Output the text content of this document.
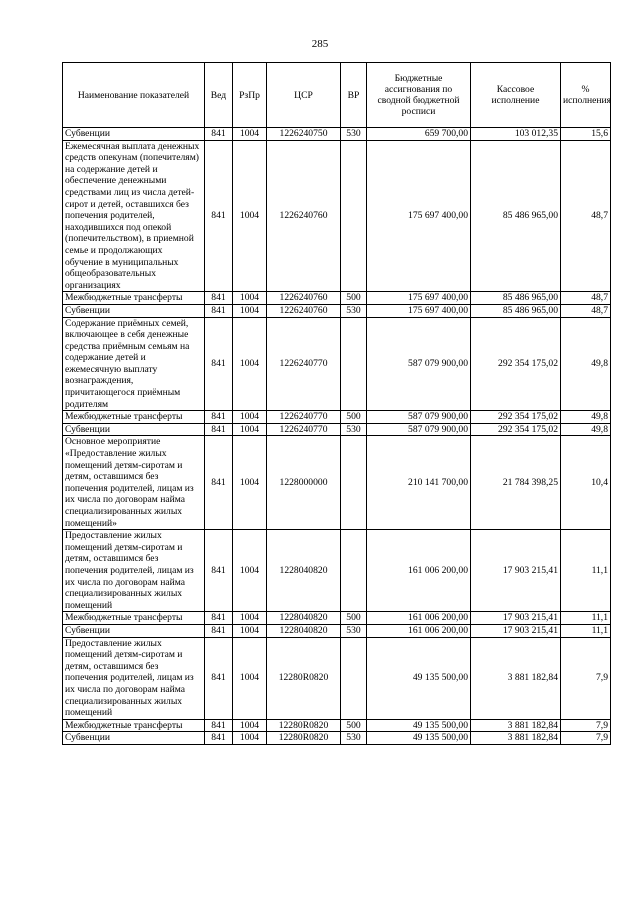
285
Наименование показателей	Вед	РзПр	ЦСР	ВР	Бюджетные ассигнования по сводной бюджетной росписи	Кассовое исполнение	% исполнения
Субвенции	841	1004	1226240750	530	659 700,00	103 012,35	15,6
Ежемесячная выплата денежных средств опекунам (попечителям) на содержание детей и обеспечение денежными средствами лиц из числа детей-сирот и детей, оставшихся без попечения родителей, находившихся под опекой (попечительством), в приемной семье и продолжающих обучение в муниципальных общеобразовательных организациях	841	1004	1226240760		175 697 400,00	85 486 965,00	48,7
Межбюджетные трансферты	841	1004	1226240760	500	175 697 400,00	85 486 965,00	48,7
Субвенции	841	1004	1226240760	530	175 697 400,00	85 486 965,00	48,7
Содержание приёмных семей, включающее в себя денежные средства приёмным семьям на содержание детей и ежемесячную выплату вознаграждения, причитающегося приёмным родителям	841	1004	1226240770		587 079 900,00	292 354 175,02	49,8
Межбюджетные трансферты	841	1004	1226240770	500	587 079 900,00	292 354 175,02	49,8
Субвенции	841	1004	1226240770	530	587 079 900,00	292 354 175,02	49,8
Основное мероприятие «Предоставление жилых помещений детям-сиротам и детям, оставшимся без попечения родителей, лицам из их числа по договорам найма специализированных жилых помещений»	841	1004	1228000000		210 141 700,00	21 784 398,25	10,4
Предоставление жилых помещений детям-сиротам и детям, оставшимся без попечения родителей, лицам из их числа по договорам найма специализированных жилых помещений	841	1004	1228040820		161 006 200,00	17 903 215,41	11,1
Межбюджетные трансферты	841	1004	1228040820	500	161 006 200,00	17 903 215,41	11,1
Субвенции	841	1004	1228040820	530	161 006 200,00	17 903 215,41	11,1
Предоставление жилых помещений детям-сиротам и детям, оставшимся без попечения родителей, лицам из их числа по договорам найма специализированных жилых помещений	841	1004	12280R0820		49 135 500,00	3 881 182,84	7,9
Межбюджетные трансферты	841	1004	12280R0820	500	49 135 500,00	3 881 182,84	7,9
Субвенции	841	1004	12280R0820	530	49 135 500,00	3 881 182,84	7,9
